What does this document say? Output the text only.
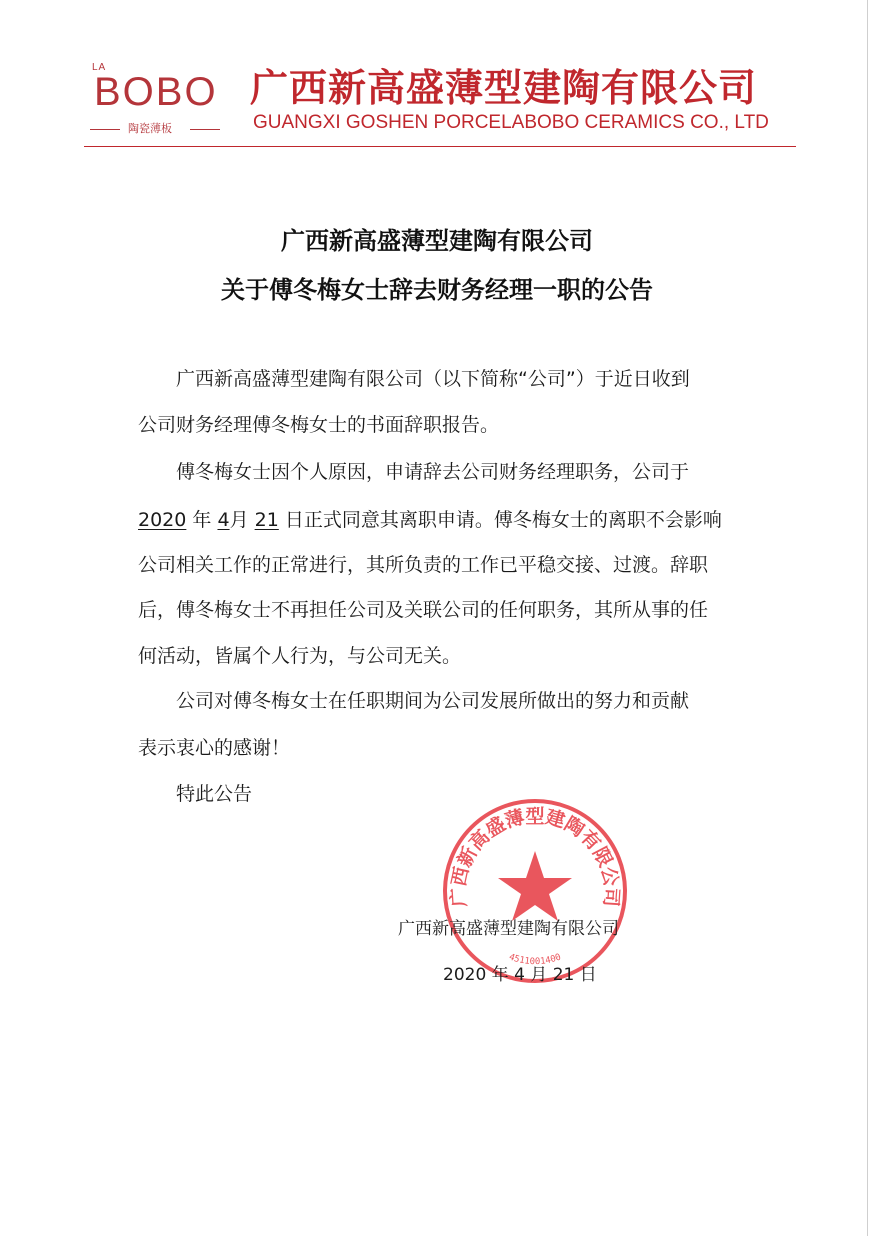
LA
BOBO
陶瓷薄板
广西新高盛薄型建陶有限公司
GUANGXI GOSHEN PORCELABOBO CERAMICS CO., LTD
广西新高盛薄型建陶有限公司
关于傅冬梅女士辞去财务经理一职的公告
广西新高盛薄型建陶有限公司（以下简称“公司”）于近日收到
公司财务经理傅冬梅女士的书面辞职报告。
傅冬梅女士因个人原因，申请辞去公司财务经理职务，公司于
2020 年 4月 21 日正式同意其离职申请。傅冬梅女士的离职不会影响
公司相关工作的正常进行，其所负责的工作已平稳交接、过渡。辞职
后，傅冬梅女士不再担任公司及关联公司的任何职务，其所从事的任
何活动，皆属个人行为，与公司无关。
公司对傅冬梅女士在任职期间为公司发展所做出的努力和贡献
表示衷心的感谢！
特此公告
广西新高盛薄型建陶有限公司
4511001400
广西新高盛薄型建陶有限公司
2020 年 4 月 21 日
